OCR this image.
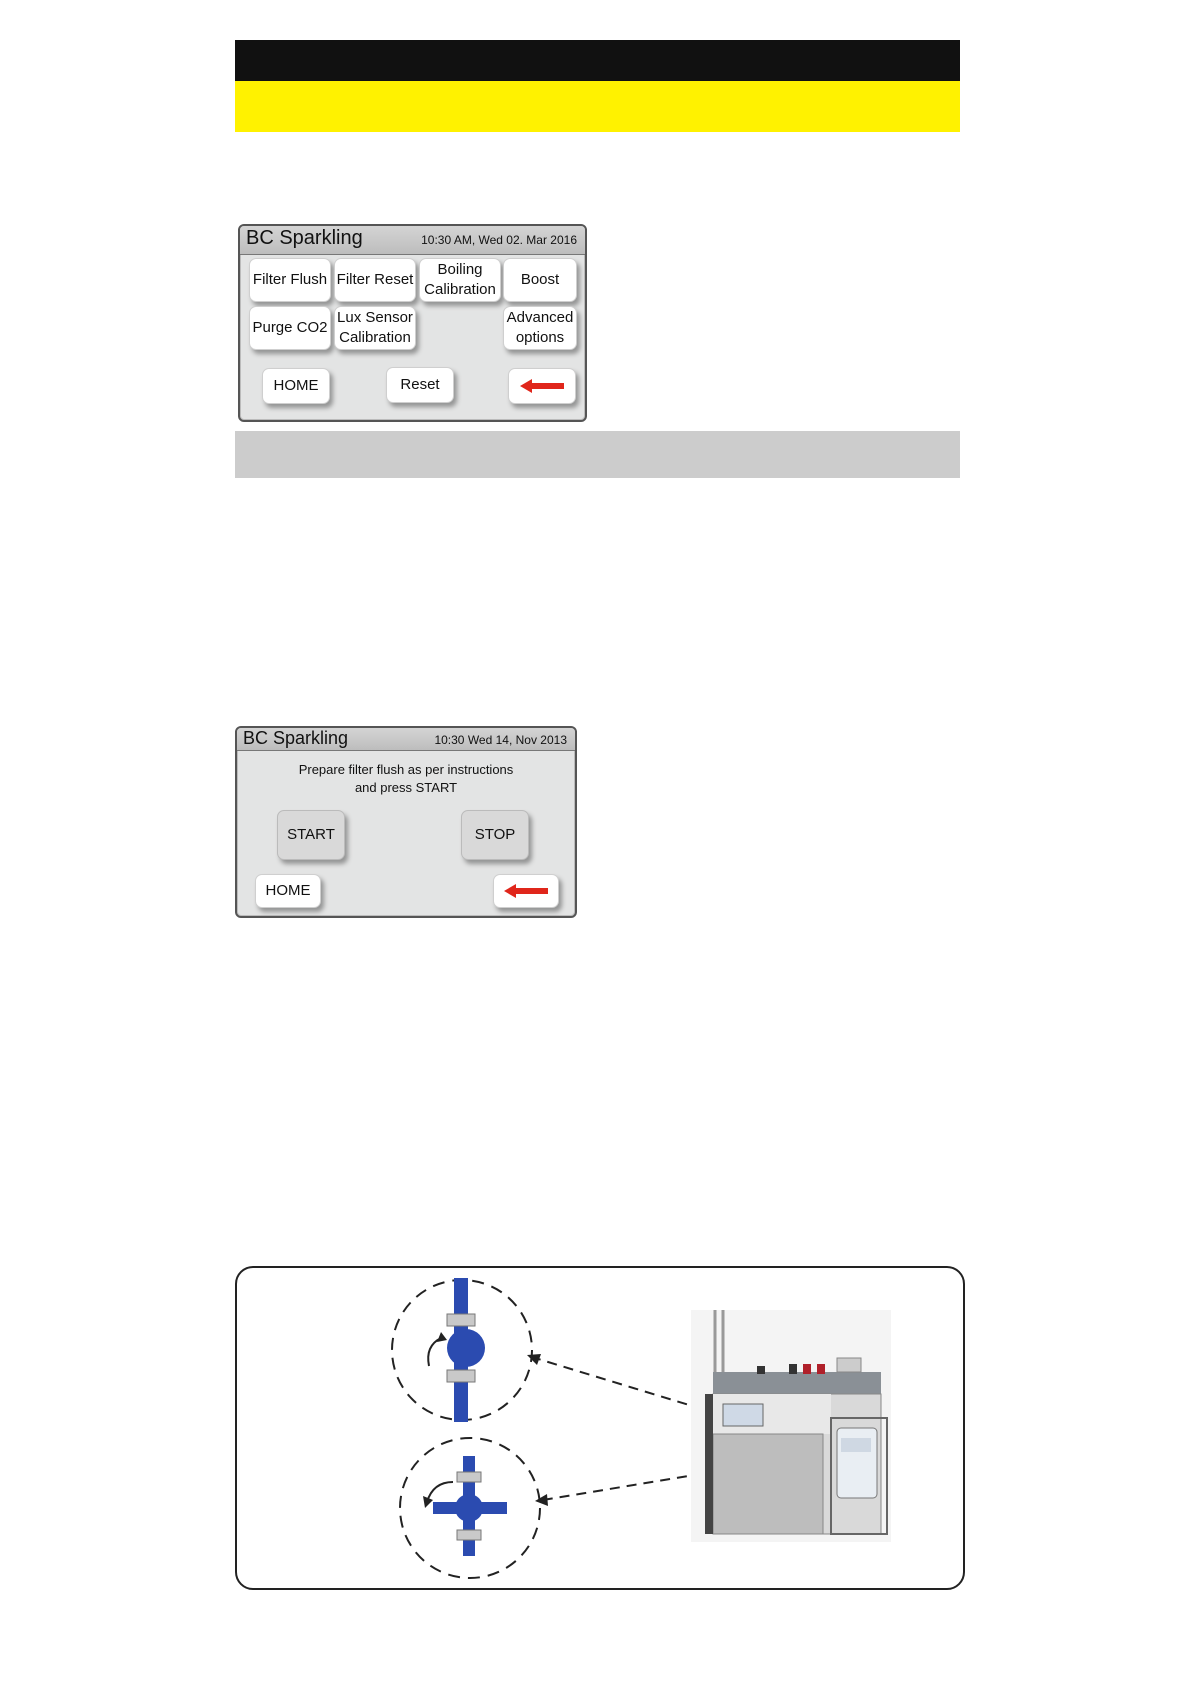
BC Sparkling	10:30 AM, Wed 02. Mar 2016
Filter Flush Filter Reset
Boiling
Calibration
Boost
Purge CO2
Lux Sensor
Calibration
Advanced
options
HOME	Reset
BC Sparkling	10:30 Wed 14, Nov 2013
Prepare filter flush as per instructions
and press START
START	STOP
HOME
